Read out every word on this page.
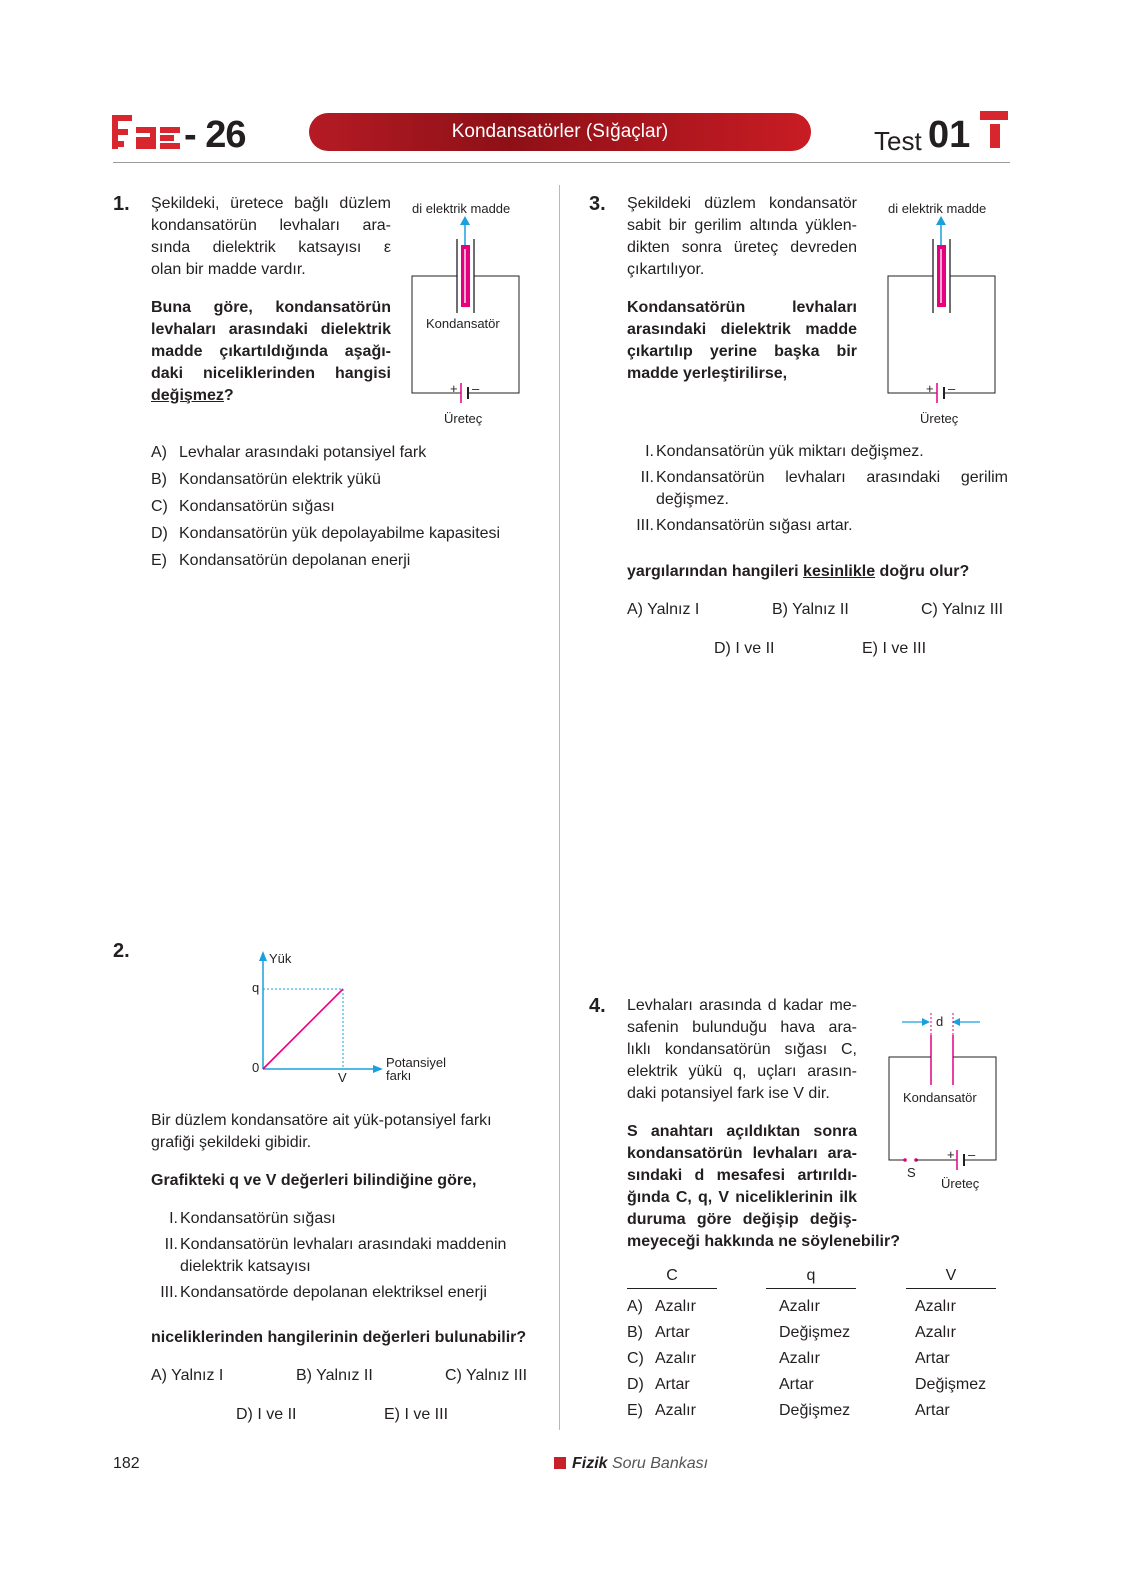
- 26	Kondansatörler (Sığaçlar)	Test 01
1. Şekildeki, üretece bağlı düzlem
kondansatörün levhaları ara-
sında dielektrik katsayısı ε
olan bir madde vardır.
Buna göre, kondansatörün
levhaları arasındaki dielektrik
madde çıkartıldığında aşağı-
daki niceliklerinden hangisi
değişmez?
di elektrik madde
Kondansatör
+ –
Üreteç
A) Levhalar arasındaki potansiyel fark
B) Kondansatörün elektrik yükü
C) Kondansatörün sığası
D) Kondansatörün yük depolayabilme kapasitesi
E) Kondansatörün depolanan enerji
2.	Yük
q
0
V
Potansiyel
farkı
Bir düzlem kondansatöre ait yük-potansiyel farkı
grafiği şekildeki gibidir.
Grafikteki q ve V değerleri bilindiğine göre,
I. Kondansatörün sığası
II. Kondansatörün levhaları arasındaki maddenin
dielektrik katsayısı
III. Kondansatörde depolanan elektriksel enerji
niceliklerinden hangilerinin değerleri bulunabilir?
A) Yalnız I	B) Yalnız II	C) Yalnız III
D) I ve II	E) I ve III
3. Şekildeki düzlem kondansatör
sabit bir gerilim altında yüklen-
dikten sonra üreteç devreden
çıkartılıyor.
Kondansatörün levhaları
arasındaki dielektrik madde
çıkartılıp yerine başka bir
madde yerleştirilirse,
di elektrik madde
+ –
Üreteç
I. Kondansatörün yük miktarı değişmez.
II. Kondansatörün levhaları arasındaki gerilim
değişmez.
III. Kondansatörün sığası artar.
yargılarından hangileri kesinlikle doğru olur?
A) Yalnız I	B) Yalnız II	C) Yalnız III
D) I ve II	E) I ve III
4. Levhaları arasında d kadar me-
safenin bulunduğu hava ara-
lıklı kondansatörün sığası C,
elektrik yükü q, uçları arasın-
daki potansiyel fark ise V dir.
S anahtarı açıldıktan sonra
kondansatörün levhaları ara-
sındaki d mesafesi artırıldı-
ğında C, q, V niceliklerinin ilk
duruma göre değişip değiş-
meyeceği hakkında ne söylenebilir?
d
S
Kondansatör
+ –
Üreteç
C	q	V
A)	Azalır	Azalır	Azalır
B)	Artar	Değişmez	Azalır
C)	Azalır	Azalır	Artar
D)	Artar	Artar	Değişmez
E)	Azalır	Değişmez	Artar
182	Fizik Soru Bankası
